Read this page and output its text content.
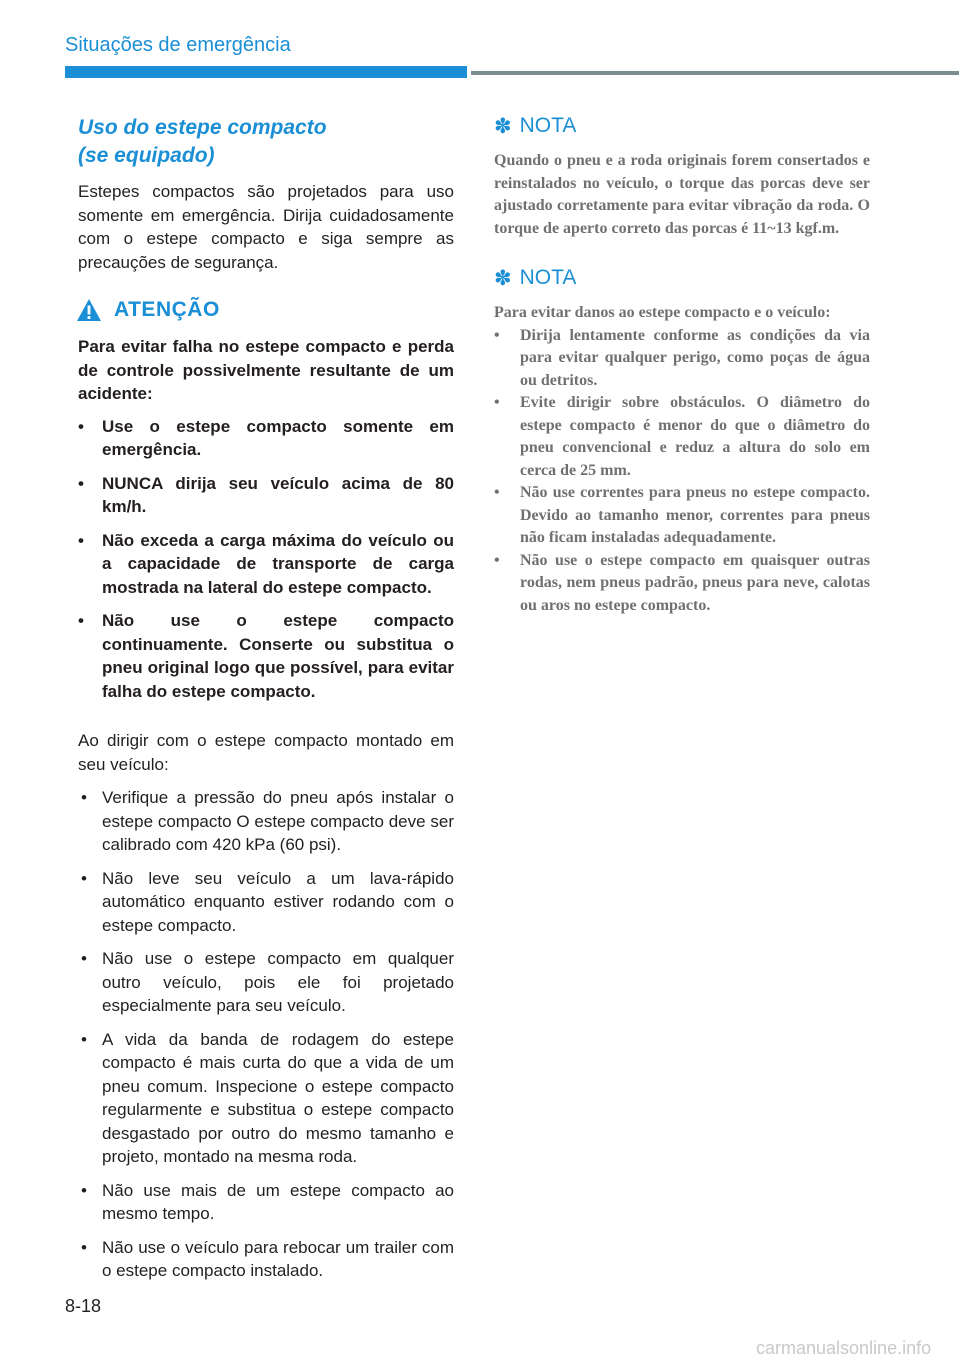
Situações de emergência
Uso do estepe compacto
(se equipado)

Estepes compactos são projetados para uso somente em emergência. Dirija cuidadosamente com o estepe compacto e siga sempre as precauções de segurança.

ATENÇÃO

Para evitar falha no estepe compacto e perda de controle possivelmente resultante de um acidente:

• Use o estepe compacto somente em emergência.
• NUNCA dirija seu veículo acima de 80 km/h.
• Não exceda a carga máxima do veículo ou a capacidade de transporte de carga mostrada na lateral do estepe compacto.
• Não use o estepe compacto continuamente. Conserte ou substitua o pneu original logo que possível, para evitar falha do estepe compacto.

Ao dirigir com o estepe compacto montado em seu veículo:

• Verifique a pressão do pneu após instalar o estepe compacto O estepe compacto deve ser calibrado com 420 kPa (60 psi).
• Não leve seu veículo a um lava-rápido automático enquanto estiver rodando com o estepe compacto.
• Não use o estepe compacto em qualquer outro veículo, pois ele foi projetado especialmente para seu veículo.
• A vida da banda de rodagem do estepe compacto é mais curta do que a vida de um pneu comum. Inspecione o estepe compacto regularmente e substitua o estepe compacto desgastado por outro do mesmo tamanho e projeto, montado na mesma roda.
• Não use mais de um estepe compacto ao mesmo tempo.
• Não use o veículo para rebocar um trailer com o estepe compacto instalado.
✽ NOTA

Quando o pneu e a roda originais forem consertados e reinstalados no veículo, o torque das porcas deve ser ajustado corretamente para evitar vibração da roda. O torque de aperto correto das porcas é 11~13 kgf.m.

✽ NOTA

Para evitar danos ao estepe compacto e o veículo:

• Dirija lentamente conforme as condições da via para evitar qualquer perigo, como poças de água ou detritos.
• Evite dirigir sobre obstáculos. O diâmetro do estepe compacto é menor do que o diâmetro do pneu convencional e reduz a altura do solo em cerca de 25 mm.
• Não use correntes para pneus no estepe compacto. Devido ao tamanho menor, correntes para pneus não ficam instaladas adequadamente.
• Não use o estepe compacto em quaisquer outras rodas, nem pneus padrão, pneus para neve, calotas ou aros no estepe compacto.
8-18
carmanualsonline.info
